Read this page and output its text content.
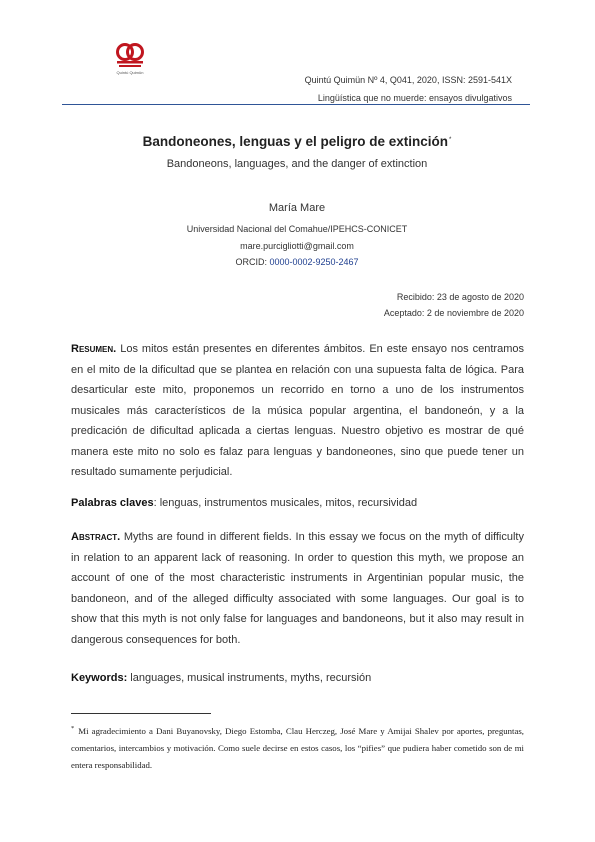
Quintú Quimün
Quintú Quimün Nº 4, Q041, 2020, ISSN: 2591-541X
Lingüística que no muerde: ensayos divulgativos
Bandoneones, lenguas y el peligro de extinción*
Bandoneons, languages, and the danger of extinction
María Mare
Universidad Nacional del Comahue/IPEHCS-CONICET
mare.purcigliotti@gmail.com
ORCID: 0000-0002-9250-2467
Recibido: 23 de agosto de 2020
Aceptado: 2 de noviembre de 2020
Resumen. Los mitos están presentes en diferentes ámbitos. En este ensayo nos centramos en el mito de la dificultad que se plantea en relación con una supuesta falta de lógica. Para desarticular este mito, proponemos un recorrido en torno a uno de los instrumentos musicales más característicos de la música popular argentina, el bandoneón, y a la predicación de dificultad aplicada a ciertas lenguas. Nuestro objetivo es mostrar de qué manera este mito no solo es falaz para lenguas y bandoneones, sino que puede tener un resultado sumamente perjudicial.
Palabras claves: lenguas, instrumentos musicales, mitos, recursividad
Abstract. Myths are found in different fields. In this essay we focus on the myth of difficulty in relation to an apparent lack of reasoning. In order to question this myth, we propose an account of one of the most characteristic instruments in Argentinian popular music, the bandoneon, and of the alleged difficulty associated with some languages. Our goal is to show that this myth is not only false for languages and bandoneons, but it also may result in dangerous consequences for both.
Keywords: languages, musical instruments, myths, recursión
* Mi agradecimiento a Dani Buyanovsky, Diego Estomba, Clau Herczeg, José Mare y Amijai Shalev por aportes, preguntas, comentarios, intercambios y motivación. Como suele decirse en estos casos, los “pifies” que pudiera haber cometido son de mi entera responsabilidad.
